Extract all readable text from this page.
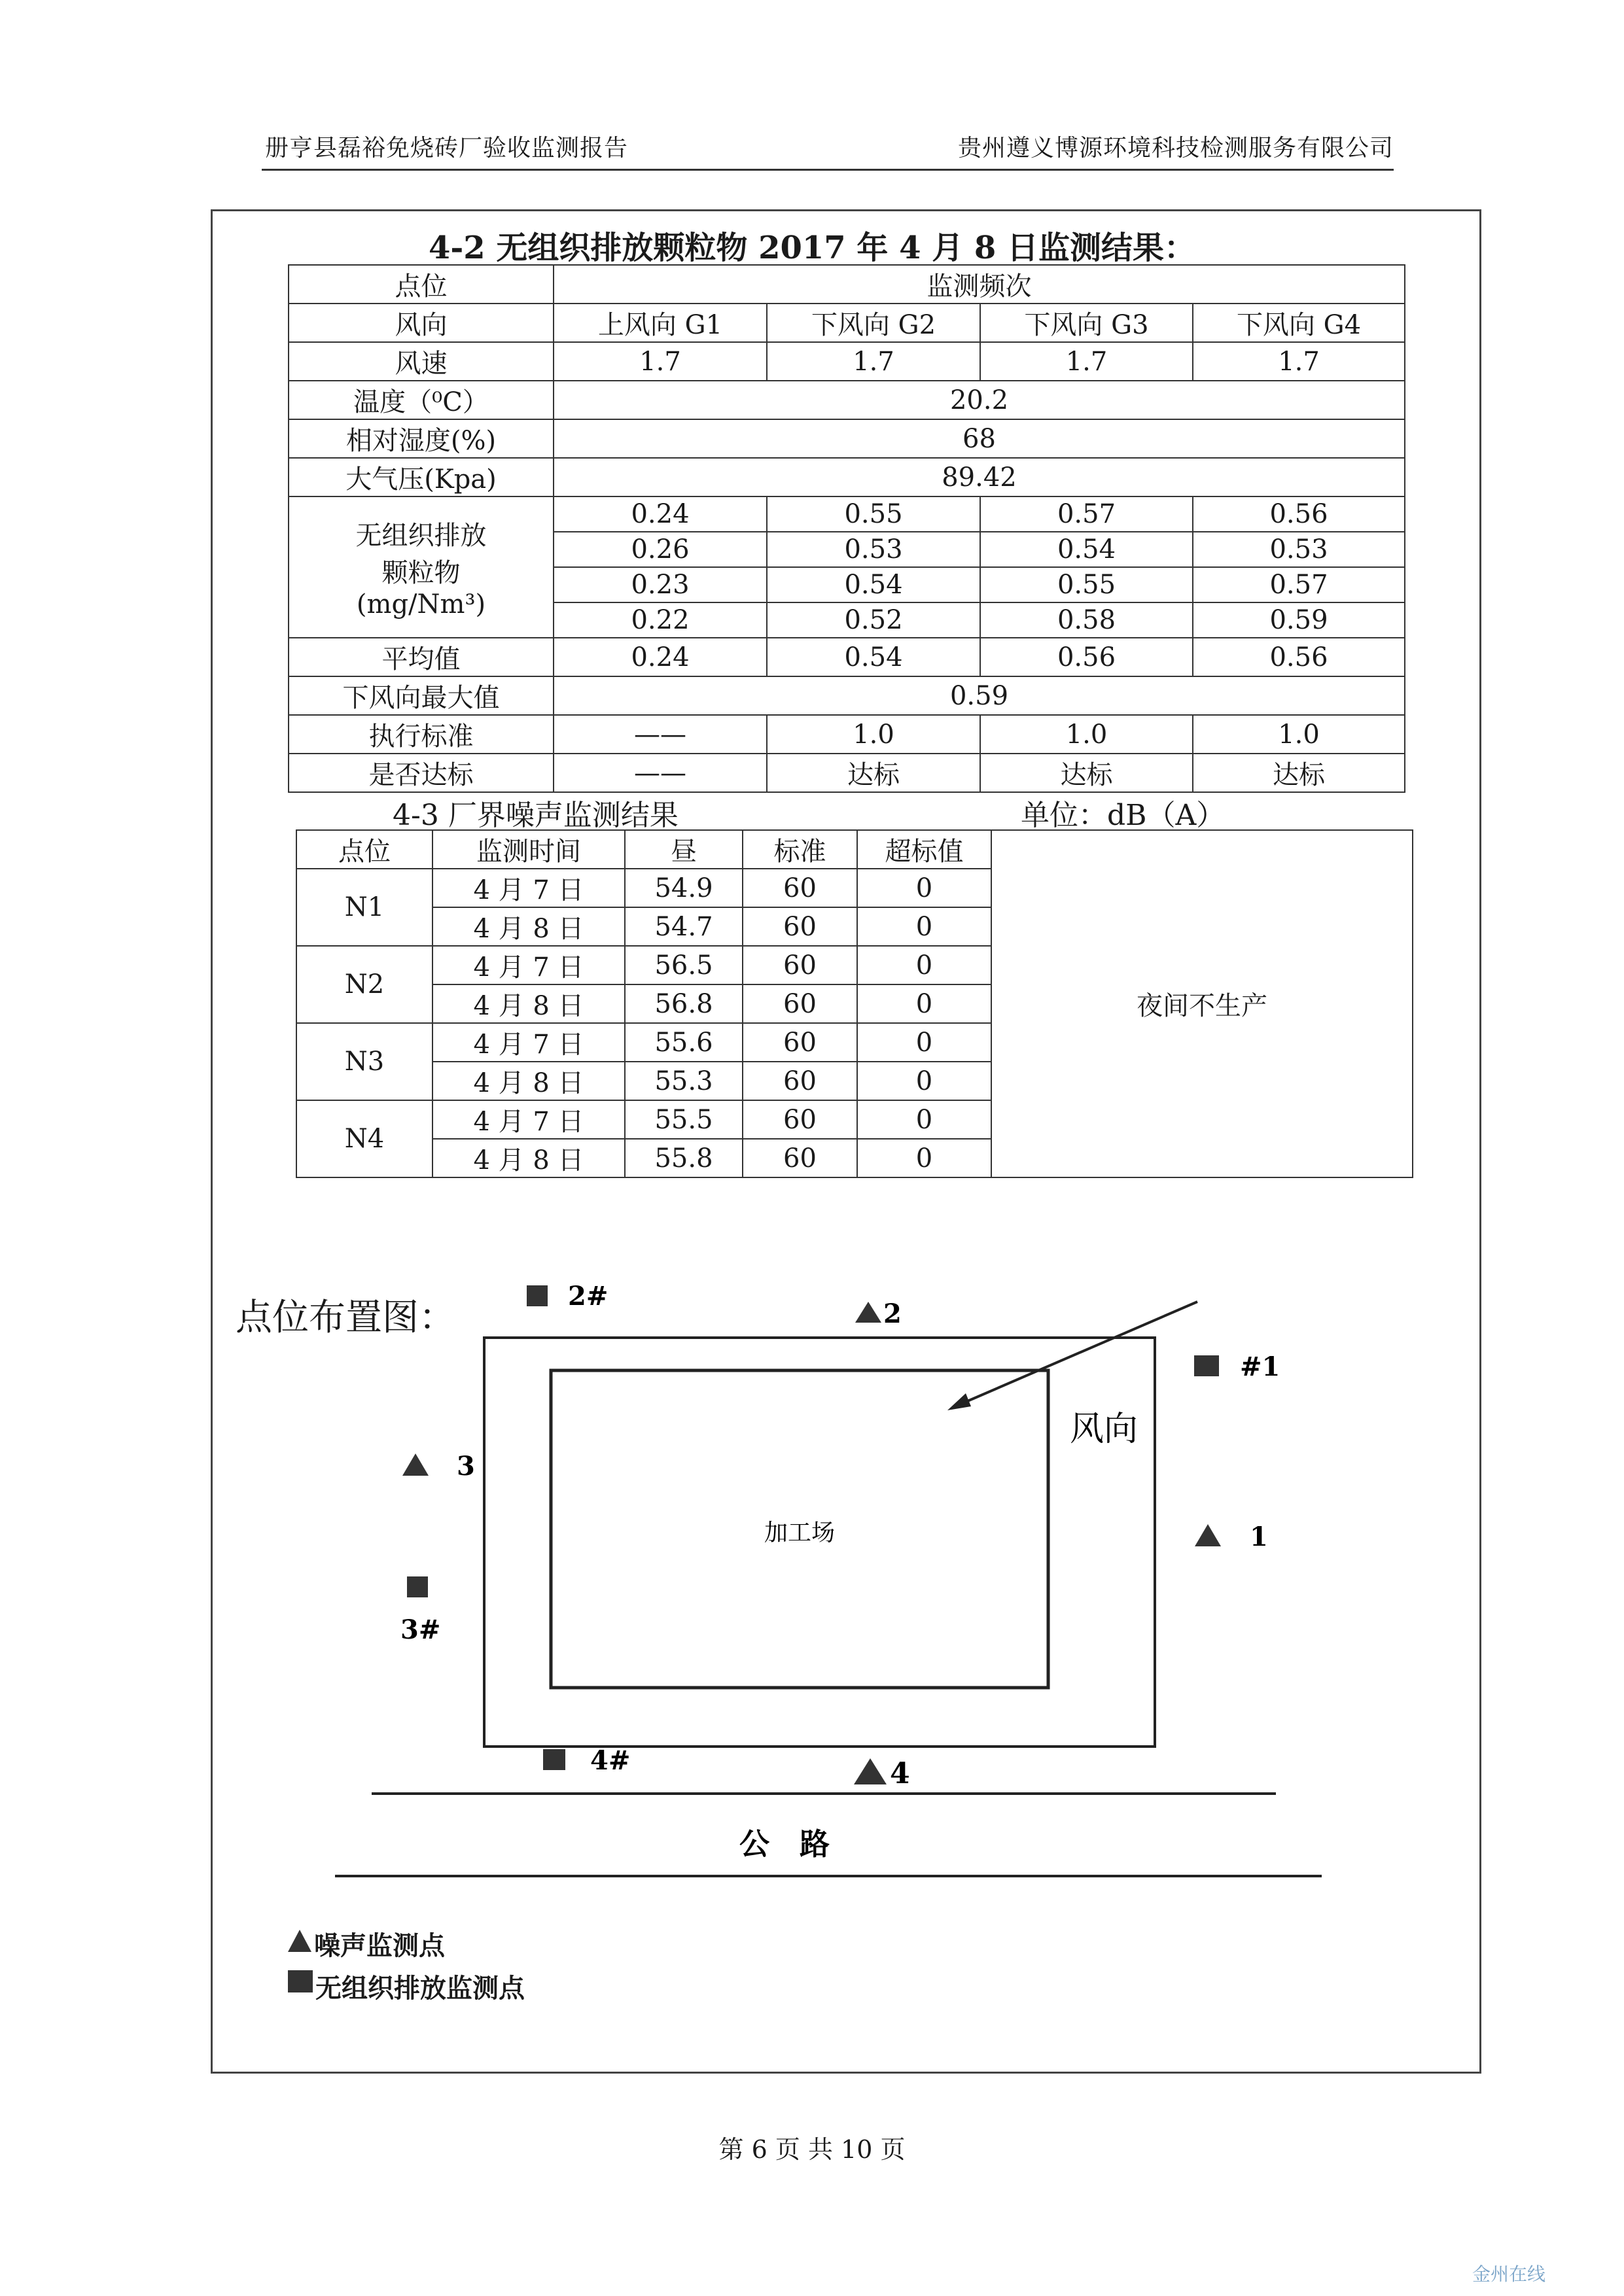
册亨县磊裕免烧砖厂验收监测报告	贵州遵义博源环境科技检测服务有限公司
4-2 无组织排放颗粒物 2017 年 4 月 8 日监测结果：
点位	监测频次			
风向	上风向 G1	下风向 G2	下风向 G3	下风向 G4
风速	1.7	1.7	1.7	1.7
温度（⁰C）	20.2			
相对湿度(%)	68			
大气压(Kpa)	89.42			

无组织排放
颗粒物
(mg/Nm³)	0.24	0.55	0.57	0.56
	0.26	0.53	0.54	0.53
	0.23	0.54	0.55	0.57
	0.22	0.52	0.58	0.59
平均值	0.24	0.54	0.56	0.56
下风向最大值	0.59			
执行标准	——	1.0	1.0	1.0
是否达标	——	达标	达标	达标
4-3 厂界噪声监测结果	单位：dB（A）
点位	监测时间	昼	标准	超标值	夜间不生产
N1	4 月 7 日	54.9	60	0	
	4 月 8 日	54.7	60	0	
N2	4 月 7 日	56.5	60	0	
	4 月 8 日	56.8	60	0	
N3	4 月 7 日	55.6	60	0	
	4 月 8 日	55.3	60	0	
N4	4 月 7 日	55.5	60	0	
	4 月 8 日	55.8	60	0	
点位布置图：
加工场
风向
2#
2
#1
3
1
3#
4#	4
公　路
噪声监测点
无组织排放监测点
第 6 页 共 10 页
金州在线
